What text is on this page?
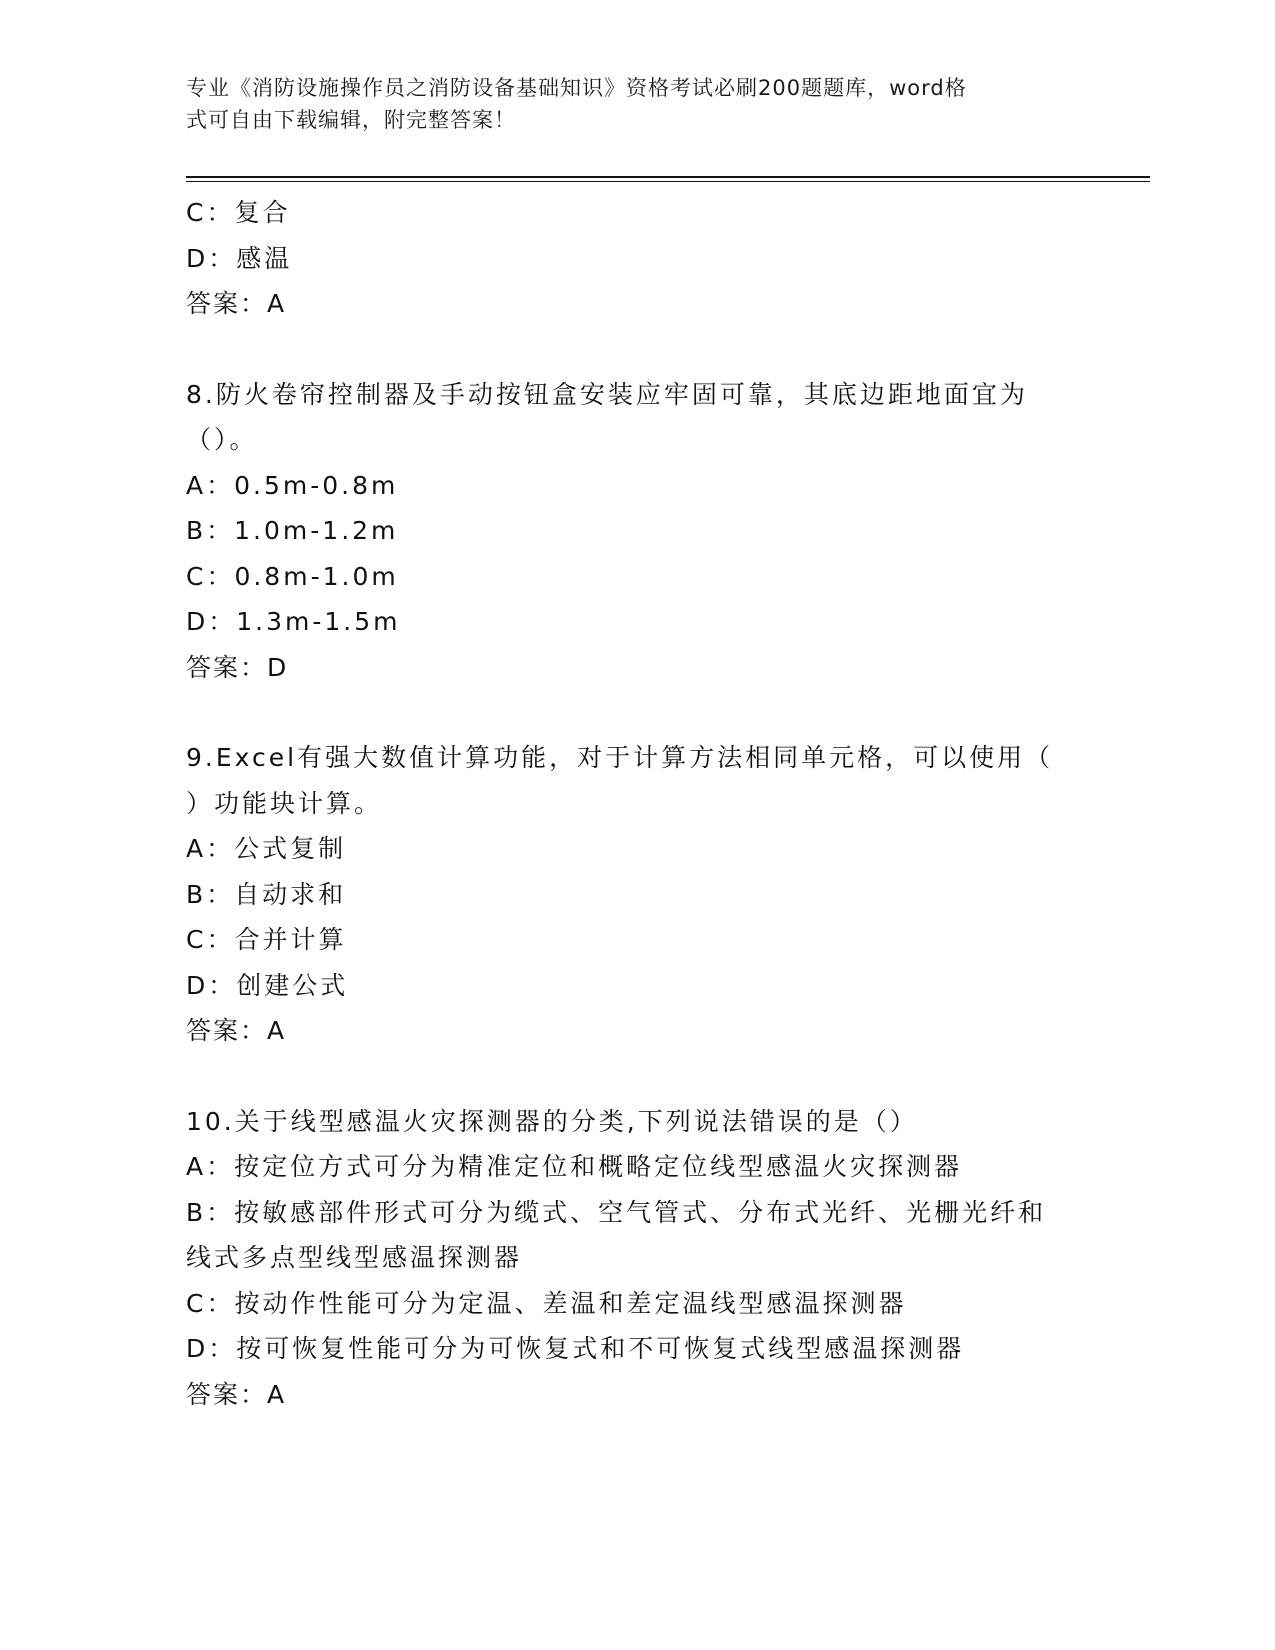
专业《消防设施操作员之消防设备基础知识》资格考试必刷200题题库，word格
式可自由下载编辑，附完整答案！
C：复合
D：感温
答案：A
8.防火卷帘控制器及手动按钮盒安装应牢固可靠，其底边距地面宜为
（）。
A：0.5m-0.8m
B：1.0m-1.2m
C：0.8m-1.0m
D：1.3m-1.5m
答案：D
9.Excel有强大数值计算功能，对于计算方法相同单元格，可以使用（
）功能块计算。
A：公式复制
B：自动求和
C：合并计算
D：创建公式
答案：A
10.关于线型感温火灾探测器的分类,下列说法错误的是（）
A：按定位方式可分为精准定位和概略定位线型感温火灾探测器
B：按敏感部件形式可分为缆式、空气管式、分布式光纤、光栅光纤和
线式多点型线型感温探测器
C：按动作性能可分为定温、差温和差定温线型感温探测器
D：按可恢复性能可分为可恢复式和不可恢复式线型感温探测器
答案：A
